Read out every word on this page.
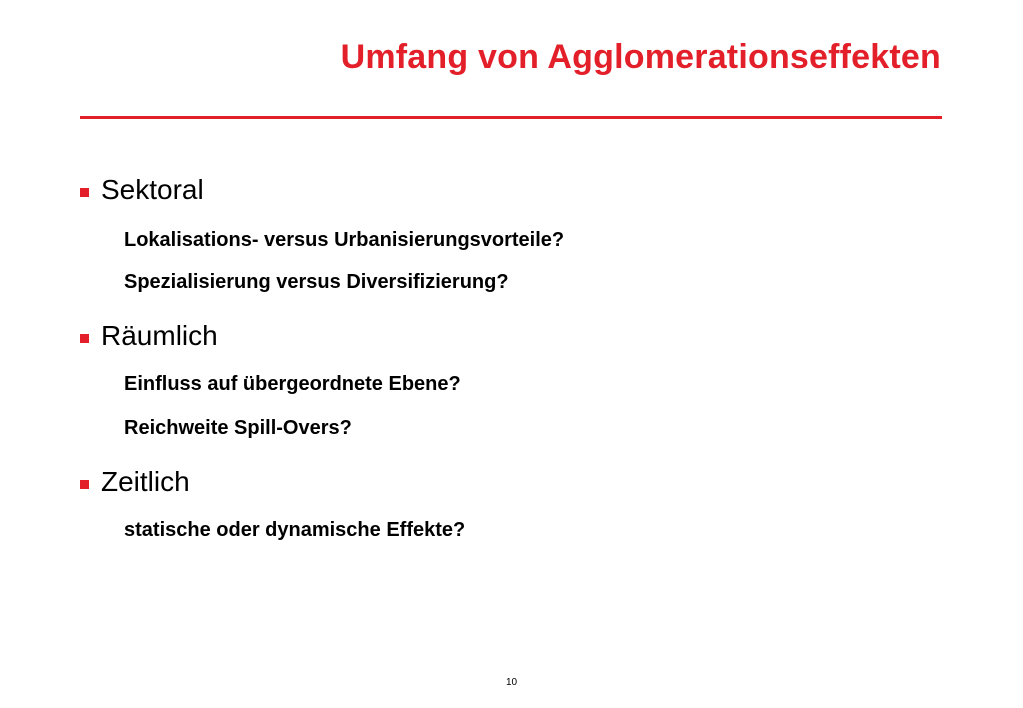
Umfang von Agglomerationseffekten
Sektoral
Lokalisations- versus Urbanisierungsvorteile?
Spezialisierung versus Diversifizierung?
Räumlich
Einfluss auf übergeordnete Ebene?
Reichweite Spill-Overs?
Zeitlich
statische oder dynamische Effekte?
10
